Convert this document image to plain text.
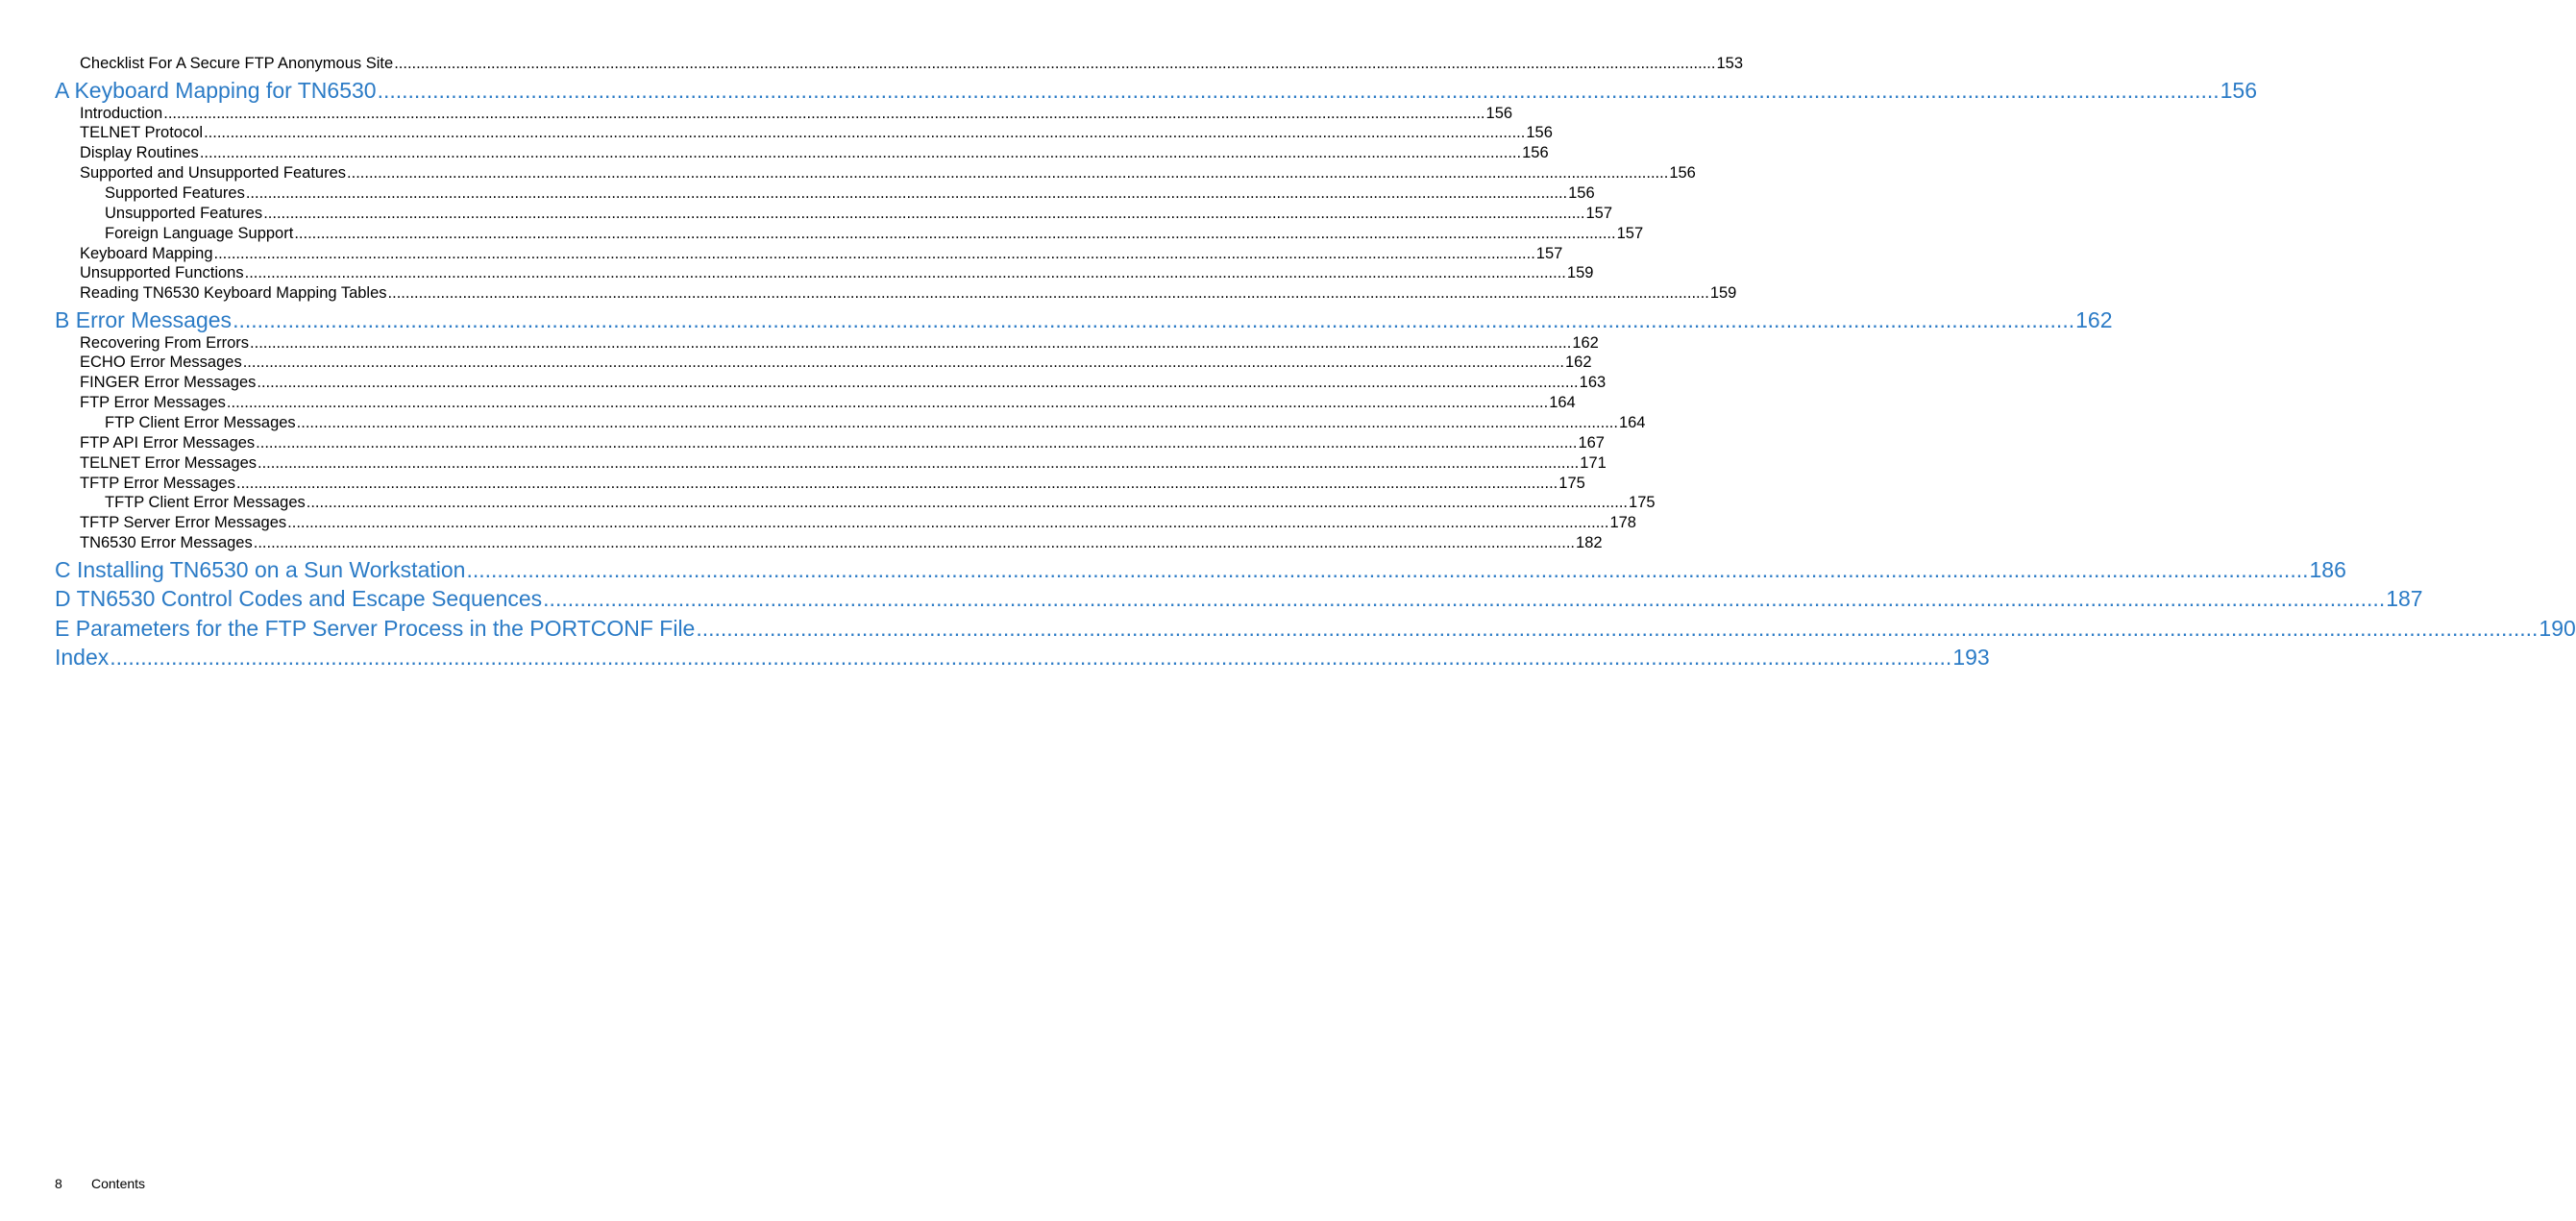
Checklist For A Secure FTP Anonymous Site ............................................................................................................................................................................................................................................................................................................ 153
A Keyboard Mapping for TN6530 ............................................................................................................................................................................................................................................................................................................ 156
Introduction ............................................................................................................................................................................................................................................................................................................ 156
TELNET Protocol ............................................................................................................................................................................................................................................................................................................ 156
Display Routines ............................................................................................................................................................................................................................................................................................................ 156
Supported and Unsupported Features ............................................................................................................................................................................................................................................................................................................ 156
Supported Features ............................................................................................................................................................................................................................................................................................................ 156
Unsupported Features ............................................................................................................................................................................................................................................................................................................ 157
Foreign Language Support ............................................................................................................................................................................................................................................................................................................ 157
Keyboard Mapping ............................................................................................................................................................................................................................................................................................................ 157
Unsupported Functions ............................................................................................................................................................................................................................................................................................................ 159
Reading TN6530 Keyboard Mapping Tables ............................................................................................................................................................................................................................................................................................................ 159
B Error Messages ............................................................................................................................................................................................................................................................................................................ 162
Recovering From Errors ............................................................................................................................................................................................................................................................................................................ 162
ECHO Error Messages ............................................................................................................................................................................................................................................................................................................ 162
FINGER Error Messages ............................................................................................................................................................................................................................................................................................................ 163
FTP Error Messages ............................................................................................................................................................................................................................................................................................................ 164
FTP Client Error Messages ............................................................................................................................................................................................................................................................................................................ 164
FTP API Error Messages ............................................................................................................................................................................................................................................................................................................ 167
TELNET Error Messages ............................................................................................................................................................................................................................................................................................................ 171
TFTP Error Messages ............................................................................................................................................................................................................................................................................................................ 175
TFTP Client Error Messages ............................................................................................................................................................................................................................................................................................................ 175
TFTP Server Error Messages ............................................................................................................................................................................................................................................................................................................ 178
TN6530 Error Messages ............................................................................................................................................................................................................................................................................................................ 182
C Installing TN6530 on a Sun Workstation ............................................................................................................................................................................................................................................................................................................ 186
D TN6530 Control Codes and Escape Sequences ............................................................................................................................................................................................................................................................................................................ 187
E Parameters for the FTP Server Process in the PORTCONF File ............................................................................................................................................................................................................................................................................................................ 190
Index ............................................................................................................................................................................................................................................................................................................ 193
8 Contents
